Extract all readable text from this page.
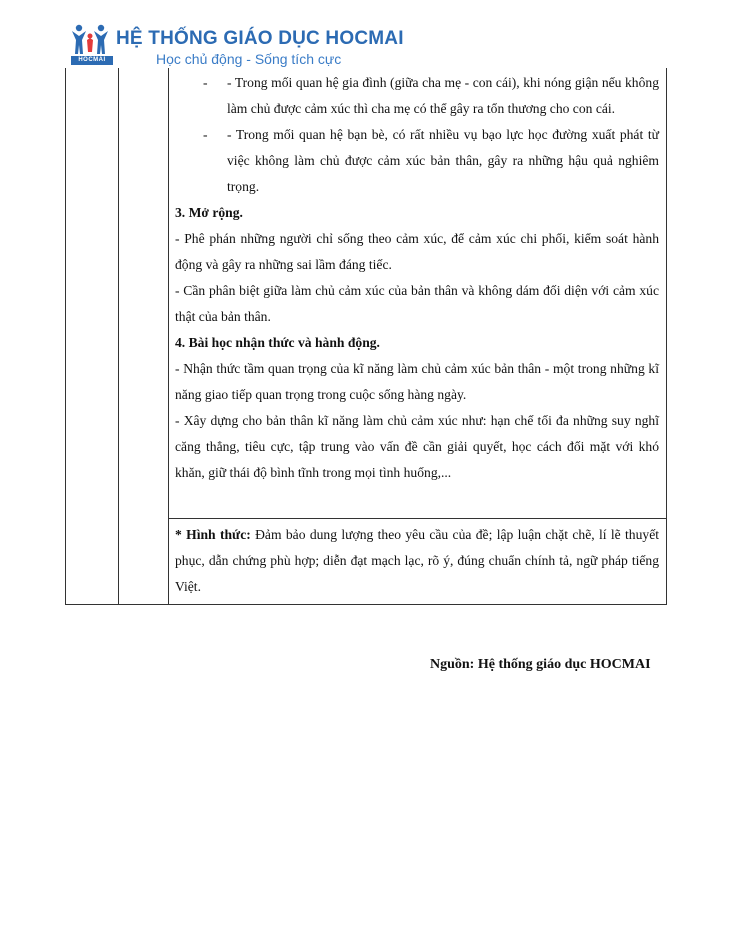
HOCMAI
HỆ THỐNG GIÁO DỤC HOCMAI
Học chủ động - Sống tích cực
- - Trong mối quan hệ gia đình (giữa cha mẹ - con cái), khi nóng giận nếu không làm chủ được cảm xúc thì cha mẹ có thể gây ra tổn thương cho con cái.
- - Trong mối quan hệ bạn bè, có rất nhiều vụ bạo lực học đường xuất phát từ việc không làm chủ được cảm xúc bản thân, gây ra những hậu quả nghiêm trọng.
3. Mở rộng.
- Phê phán những người chỉ sống theo cảm xúc, để cảm xúc chi phối, kiểm soát hành động và gây ra những sai lầm đáng tiếc.
- Cần phân biệt giữa làm chủ cảm xúc của bản thân và không dám đối diện với cảm xúc thật của bản thân.
4. Bài học nhận thức và hành động.
- Nhận thức tầm quan trọng của kĩ năng làm chủ cảm xúc bản thân - một trong những kĩ năng giao tiếp quan trọng trong cuộc sống hàng ngày.
- Xây dựng cho bản thân kĩ năng làm chủ cảm xúc như: hạn chế tối đa những suy nghĩ căng thẳng, tiêu cực, tập trung vào vấn đề cần giải quyết, học cách đối mặt với khó khăn, giữ thái độ bình tĩnh trong mọi tình huống,...
* Hình thức: Đảm bảo dung lượng theo yêu cầu của đề; lập luận chặt chẽ, lí lẽ thuyết phục, dẫn chứng phù hợp; diễn đạt mạch lạc, rõ ý, đúng chuẩn chính tả, ngữ pháp tiếng Việt.
Nguồn: Hệ thống giáo dục HOCMAI
